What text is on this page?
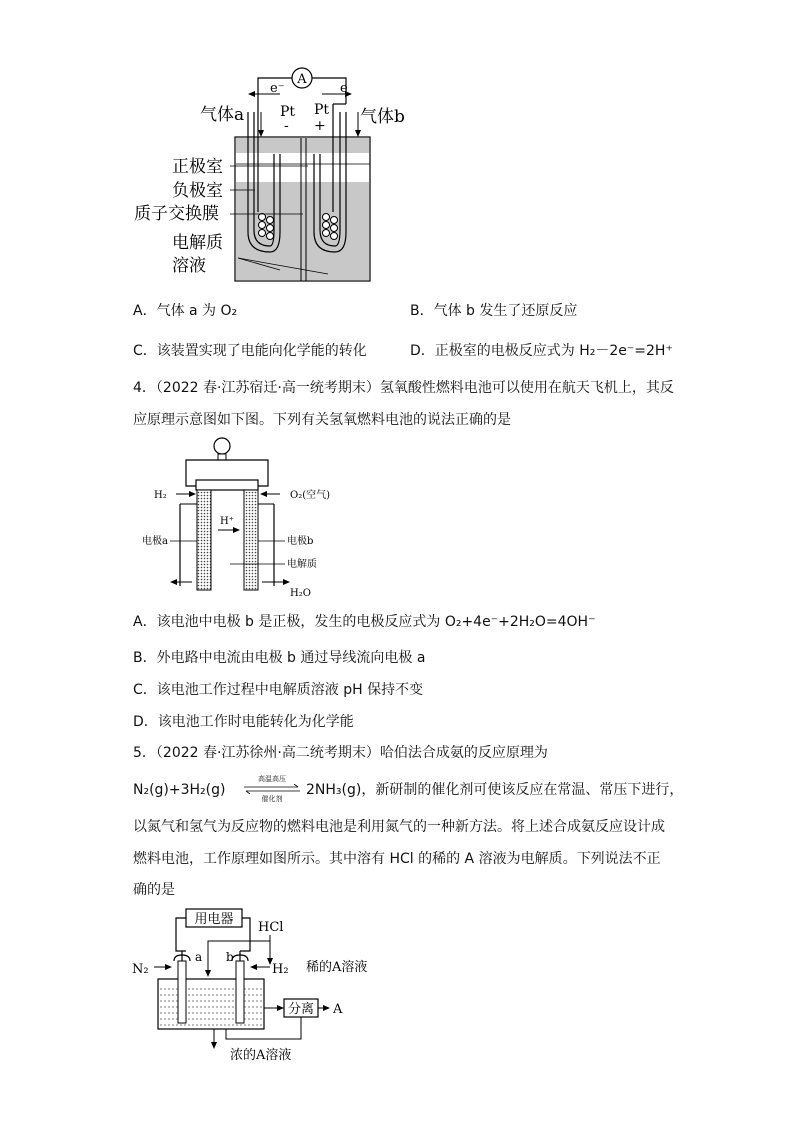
A
e⁻	e
气体a	气体b
Pt Pt
- +
正极室
负极室
质子交换膜
电解质
溶液
A．气体 a 为 O₂	B．气体 b 发生了还原反应
C．该装置实现了电能向化学能的转化	D．正极室的电极反应式为 H₂－2e⁻=2H⁺
4．（2022 春·江苏宿迁·高一统考期末）氢氧酸性燃料电池可以使用在航天飞机上，其反
应原理示意图如下图。下列有关氢氧燃料电池的说法正确的是
H₂	O₂(空气)
H⁺
电极a	电极b
电解质
H₂O
A．该电池中电极 b 是正极，发生的电极反应式为 O₂+4e⁻+2H₂O=4OH⁻
B．外电路中电流由电极 b 通过导线流向电极 a
C．该电池工作过程中电解质溶液 pH 保持不变
D．该电池工作时电能转化为化学能
5．（2022 春·江苏徐州·高二统考期末）哈伯法合成氨的反应原理为
N₂(g)+3H₂(g)
高温高压
催化剂
2NH₃(g)，新研制的催化剂可使该反应在常温、常压下进行，
以氮气和氢气为反应物的燃料电池是利用氮气的一种新方法。将上述合成氨反应设计成
燃料电池，工作原理如图所示。其中溶有 HCl 的稀的 A 溶液为电解质。下列说法不正
确的是
用电器
HCl
N₂
a b
H₂ 稀的A溶液
分离 A
浓的A溶液
